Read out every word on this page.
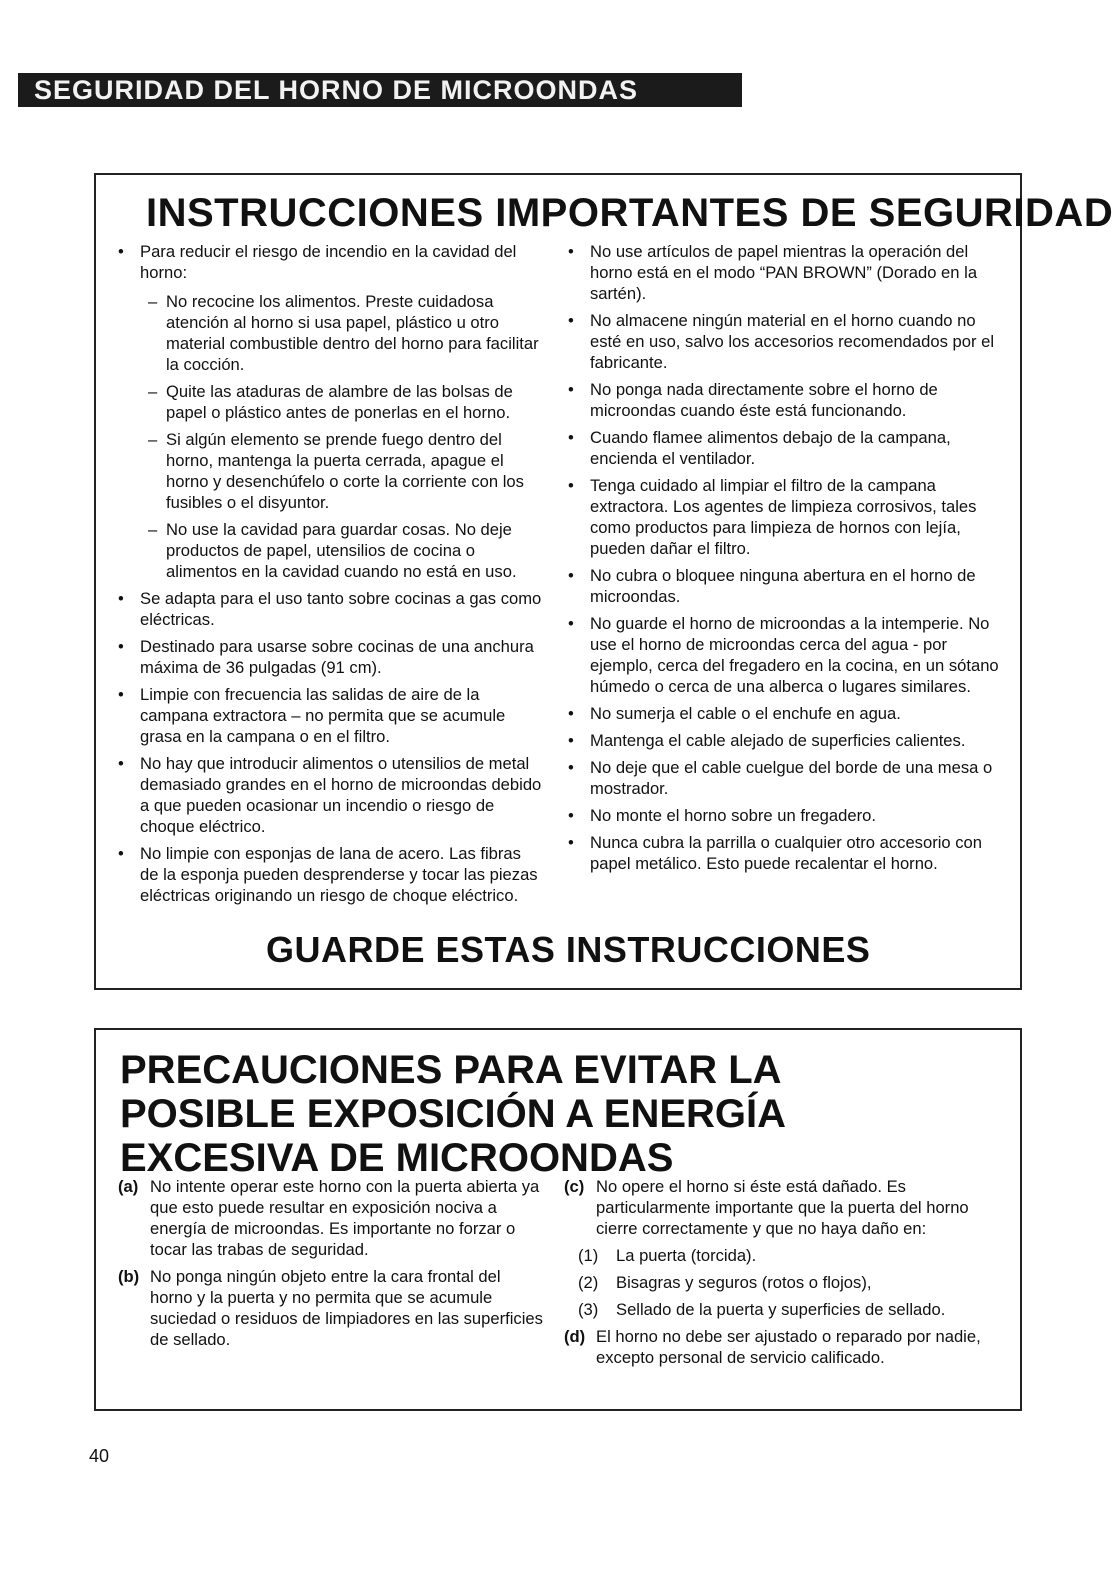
SEGURIDAD DEL HORNO DE MICROONDAS
INSTRUCCIONES IMPORTANTES DE SEGURIDAD
• Para reducir el riesgo de incendio en la cavidad del horno:
– No recocine los alimentos. Preste cuidadosa atención al horno si usa papel, plástico u otro material combustible dentro del horno para facilitar la cocción.
– Quite las ataduras de alambre de las bolsas de papel o plástico antes de ponerlas en el horno.
– Si algún elemento se prende fuego dentro del horno, mantenga la puerta cerrada, apague el horno y desenchúfelo o corte la corriente con los fusibles o el disyuntor.
– No use la cavidad para guardar cosas. No deje productos de papel, utensilios de cocina o alimentos en la cavidad cuando no está en uso.
• Se adapta para el uso tanto sobre cocinas a gas como eléctricas.
• Destinado para usarse sobre cocinas de una anchura máxima de 36 pulgadas (91 cm).
• Limpie con frecuencia las salidas de aire de la campana extractora – no permita que se acumule grasa en la campana o en el filtro.
• No hay que introducir alimentos o utensilios de metal demasiado grandes en el horno de microondas debido a que pueden ocasionar un incendio o riesgo de choque eléctrico.
• No limpie con esponjas de lana de acero. Las fibras de la esponja pueden desprenderse y tocar las piezas eléctricas originando un riesgo de choque eléctrico.
• No use artículos de papel mientras la operación del horno está en el modo “PAN BROWN” (Dorado en la sartén).
• No almacene ningún material en el horno cuando no esté en uso, salvo los accesorios recomendados por el fabricante.
• No ponga nada directamente sobre el horno de microondas cuando éste está funcionando.
• Cuando flamee alimentos debajo de la campana, encienda el ventilador.
• Tenga cuidado al limpiar el filtro de la campana extractora. Los agentes de limpieza corrosivos, tales como productos para limpieza de hornos con lejía, pueden dañar el filtro.
• No cubra o bloquee ninguna abertura en el horno de microondas.
• No guarde el horno de microondas a la intemperie. No use el horno de microondas cerca del agua - por ejemplo, cerca del fregadero en la cocina, en un sótano húmedo o cerca de una alberca o lugares similares.
• No sumerja el cable o el enchufe en agua.
• Mantenga el cable alejado de superficies calientes.
• No deje que el cable cuelgue del borde de una mesa o mostrador.
• No monte el horno sobre un fregadero.
• Nunca cubra la parrilla o cualquier otro accesorio con papel metálico. Esto puede recalentar el horno.
GUARDE ESTAS INSTRUCCIONES
PRECAUCIONES PARA EVITAR LA POSIBLE EXPOSICIÓN A ENERGÍA EXCESIVA DE MICROONDAS
(a) No intente operar este horno con la puerta abierta ya que esto puede resultar en exposición nociva a energía de microondas. Es importante no forzar o tocar las trabas de seguridad.
(b) No ponga ningún objeto entre la cara frontal del horno y la puerta y no permita que se acumule suciedad o residuos de limpiadores en las superficies de sellado.
(c) No opere el horno si éste está dañado. Es particularmente importante que la puerta del horno cierre correctamente y que no haya daño en:
(1) La puerta (torcida).
(2) Bisagras y seguros (rotos o flojos),
(3) Sellado de la puerta y superficies de sellado.
(d) El horno no debe ser ajustado o reparado por nadie, excepto personal de servicio calificado.
40
